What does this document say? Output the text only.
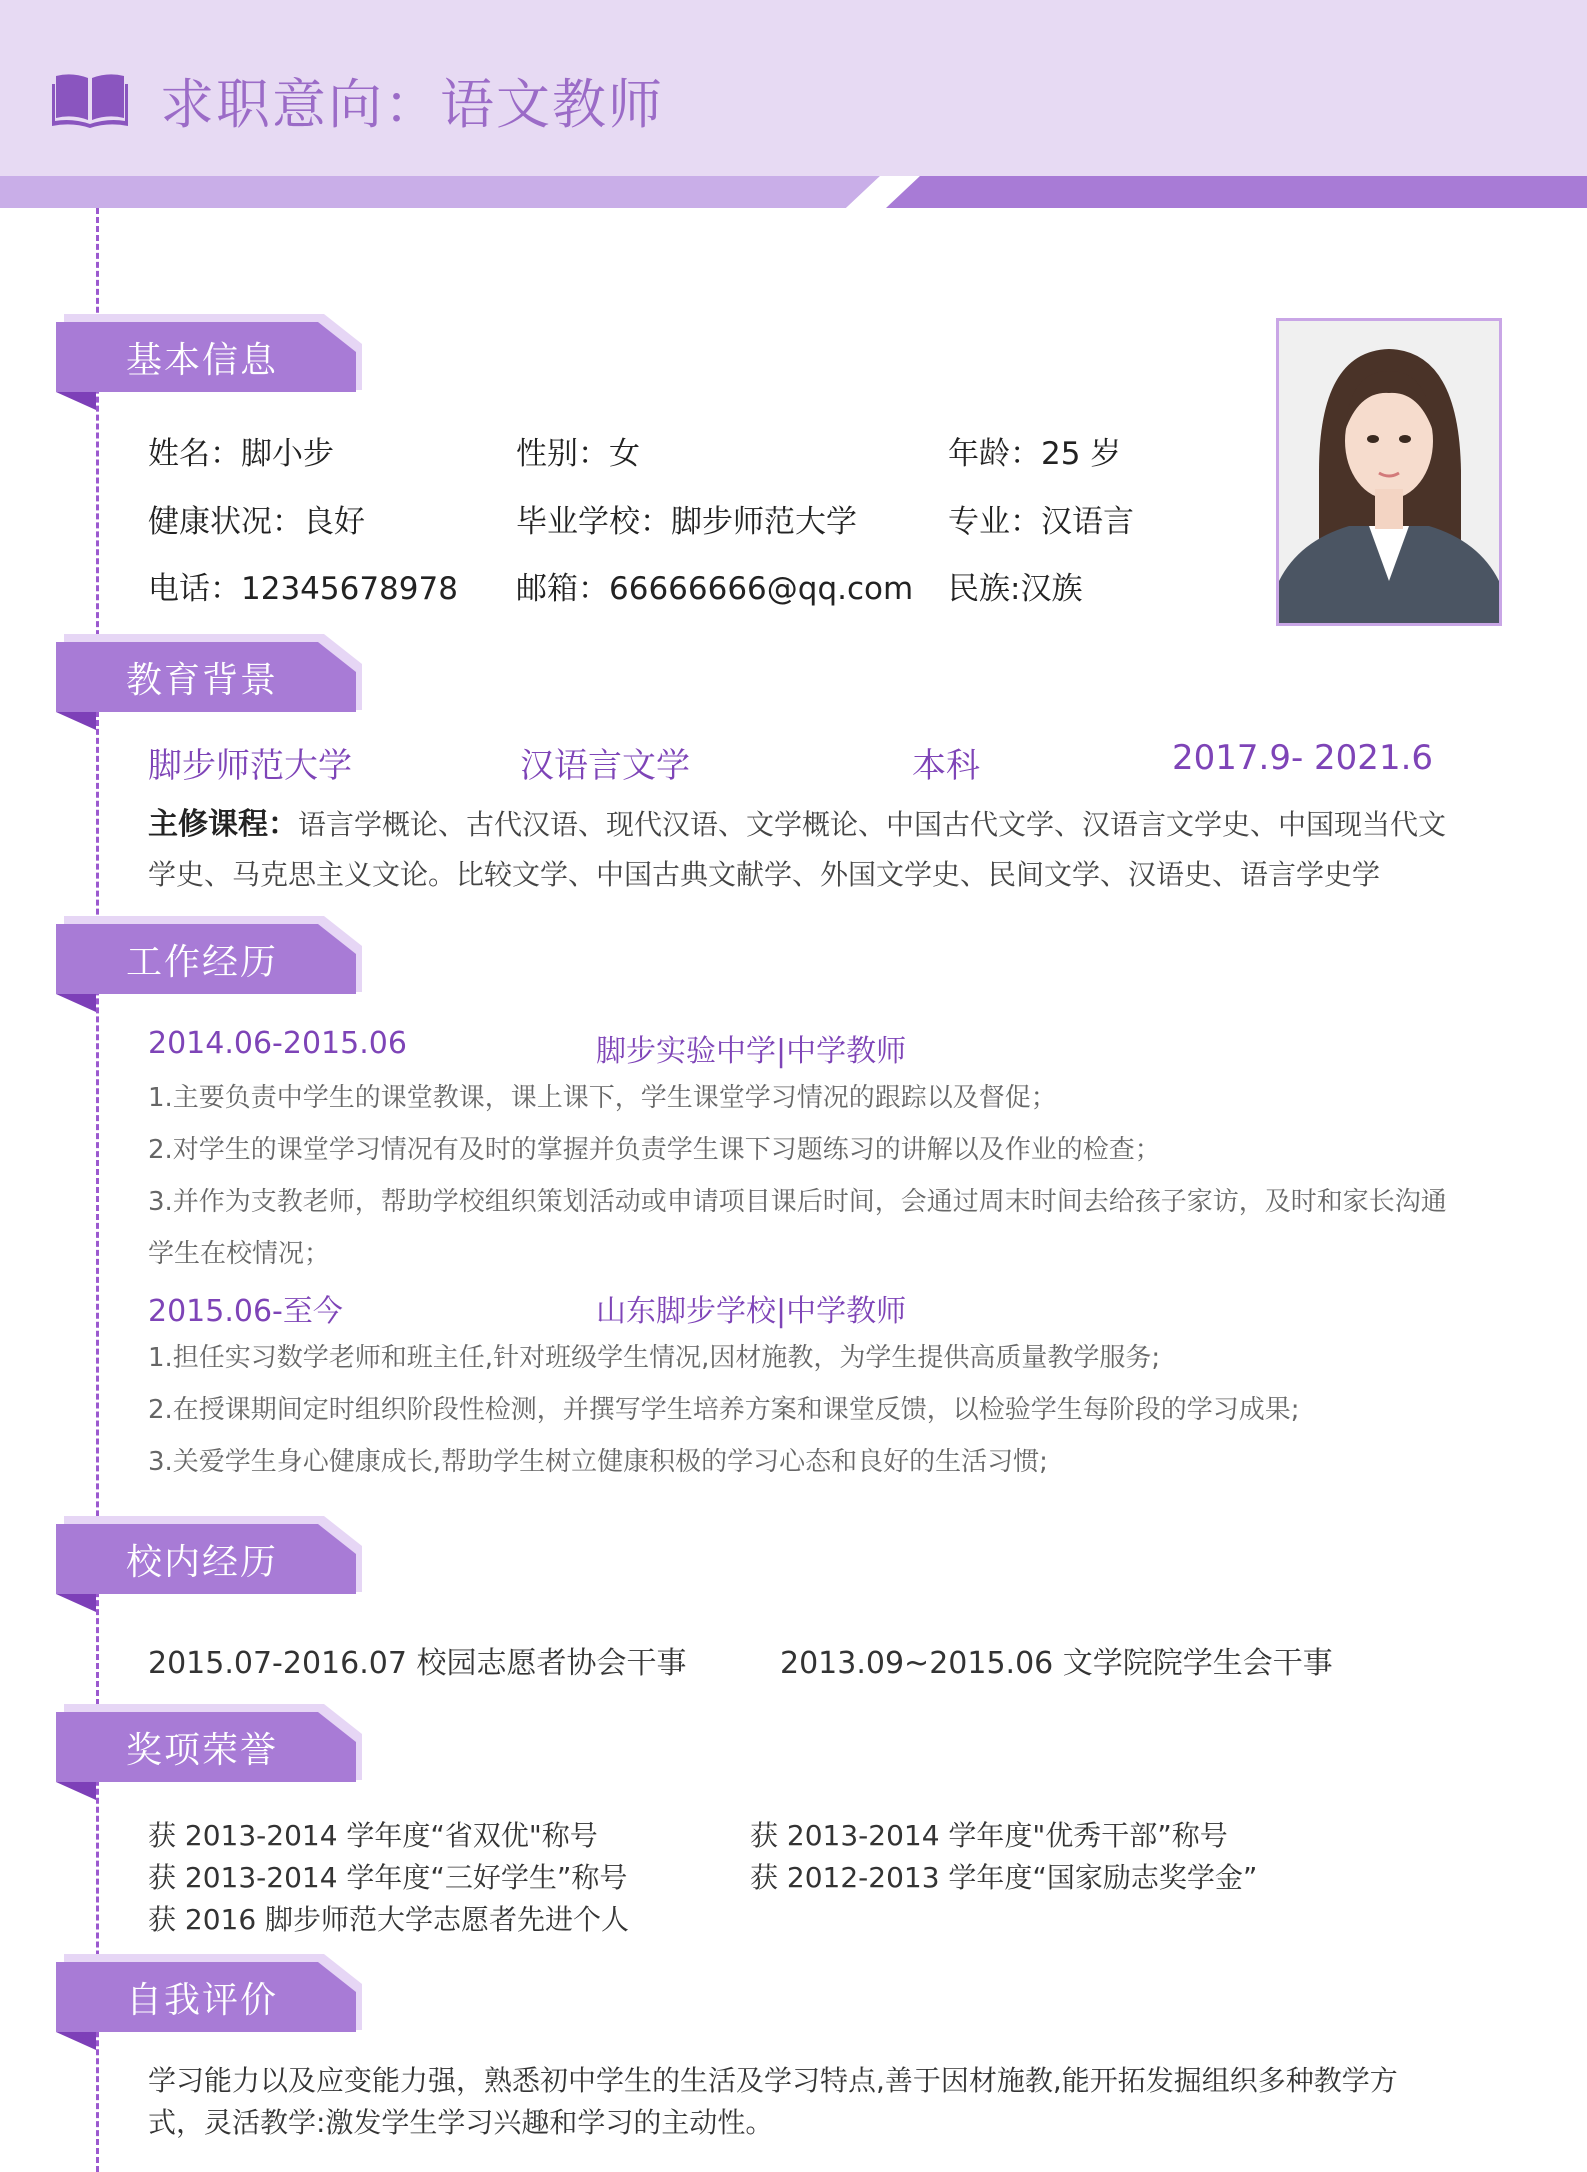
求职意向：语文教师
基本信息
姓名：脚小步	性别：女	年龄：25 岁
健康状况：良好	毕业学校：脚步师范大学	专业：汉语言
电话：12345678978 邮箱：66666666@qq.com 民族:汉族
教育背景
脚步师范大学	汉语言文学	本科	2017.9- 2021.6
主修课程：语言学概论、古代汉语、现代汉语、文学概论、中国古代文学、汉语言文学史、中国现当代文学史、马克思主义文论。比较文学、中国古典文献学、外国文学史、民间文学、汉语史、语言学史学
工作经历
2014.06-2015.06	脚步实验中学|中学教师
1.主要负责中学生的课堂教课，课上课下，学生课堂学习情况的跟踪以及督促；
2.对学生的课堂学习情况有及时的掌握并负责学生课下习题练习的讲解以及作业的检查；
3.并作为支教老师，帮助学校组织策划活动或申请项目课后时间，会通过周末时间去给孩子家访，及时和家长沟通学生在校情况；
2015.06-至今	山东脚步学校|中学教师
1.担任实习数学老师和班主任,针对班级学生情况,因材施教，为学生提供高质量教学服务;
2.在授课期间定时组织阶段性检测，并撰写学生培养方案和课堂反馈，以检验学生每阶段的学习成果;
3.关爱学生身心健康成长,帮助学生树立健康积极的学习心态和良好的生活习惯;
校内经历
2015.07-2016.07 校园志愿者协会干事	2013.09~2015.06 文学院院学生会干事
奖项荣誉
获 2013-2014 学年度“省双优"称号	获 2013-2014 学年度"优秀干部”称号
获 2013-2014 学年度“三好学生”称号	获 2012-2013 学年度“国家励志奖学金”
获 2016 脚步师范大学志愿者先进个人
自我评价
学习能力以及应变能力强，熟悉初中学生的生活及学习特点,善于因材施教,能开拓发掘组织多种教学方式，灵活教学:激发学生学习兴趣和学习的主动性。
